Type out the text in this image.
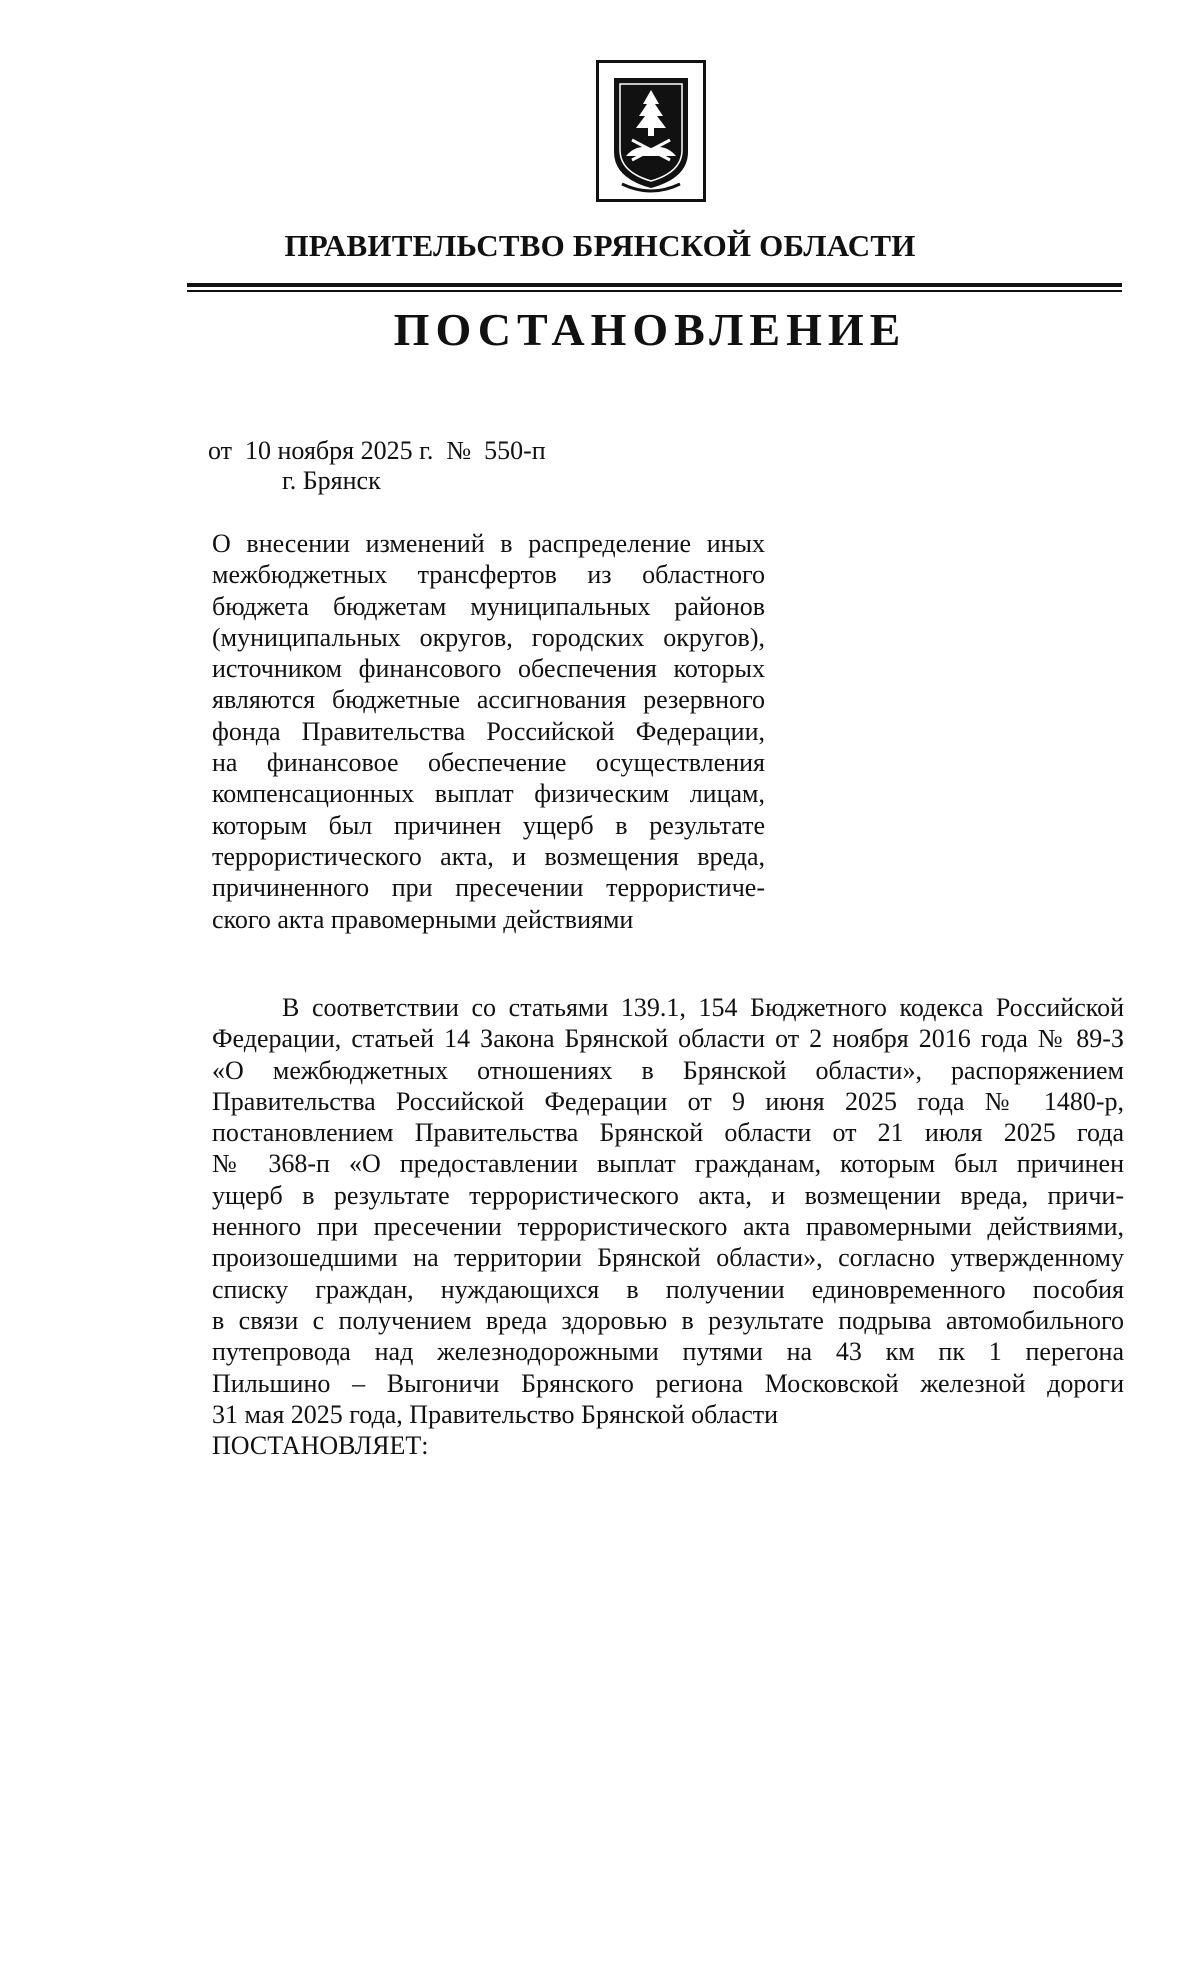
ПРАВИТЕЛЬСТВО БРЯНСКОЙ ОБЛАСТИ
ПОСТАНОВЛЕНИЕ
от  10 ноября 2025 г.  №  550-п
г. Брянск
О внесении изменений в распределение иных
межбюджетных трансфертов из областного
бюджета бюджетам муниципальных районов
(муниципальных округов, городских округов),
источником финансового обеспечения которых
являются бюджетные ассигнования резервного
фонда Правительства Российской Федерации,
на финансовое обеспечение осуществления
компенсационных выплат физическим лицам,
которым был причинен ущерб в результате
террористического акта, и возмещения вреда,
причиненного при пресечении террористиче-
ского акта правомерными действиями
В соответствии со статьями 139.1, 154 Бюджетного кодекса Российской
Федерации, статьей 14 Закона Брянской области от 2 ноября 2016 года № 89-З
«О межбюджетных отношениях в Брянской области», распоряжением
Правительства Российской Федерации от 9 июня 2025 года № 1480-р,
постановлением Правительства Брянской области от 21 июля 2025 года
№ 368-п «О предоставлении выплат гражданам, которым был причинен
ущерб в результате террористического акта, и возмещении вреда, причи-
ненного при пресечении террористического акта правомерными действиями,
произошедшими на территории Брянской области», согласно утвержденному
списку граждан, нуждающихся в получении единовременного пособия
в связи с получением вреда здоровью в результате подрыва автомобильного
путепровода над железнодорожными путями на 43 км пк 1 перегона
Пильшино – Выгоничи Брянского региона Московской железной дороги
31 мая 2025 года, Правительство Брянской области
ПОСТАНОВЛЯЕТ:
